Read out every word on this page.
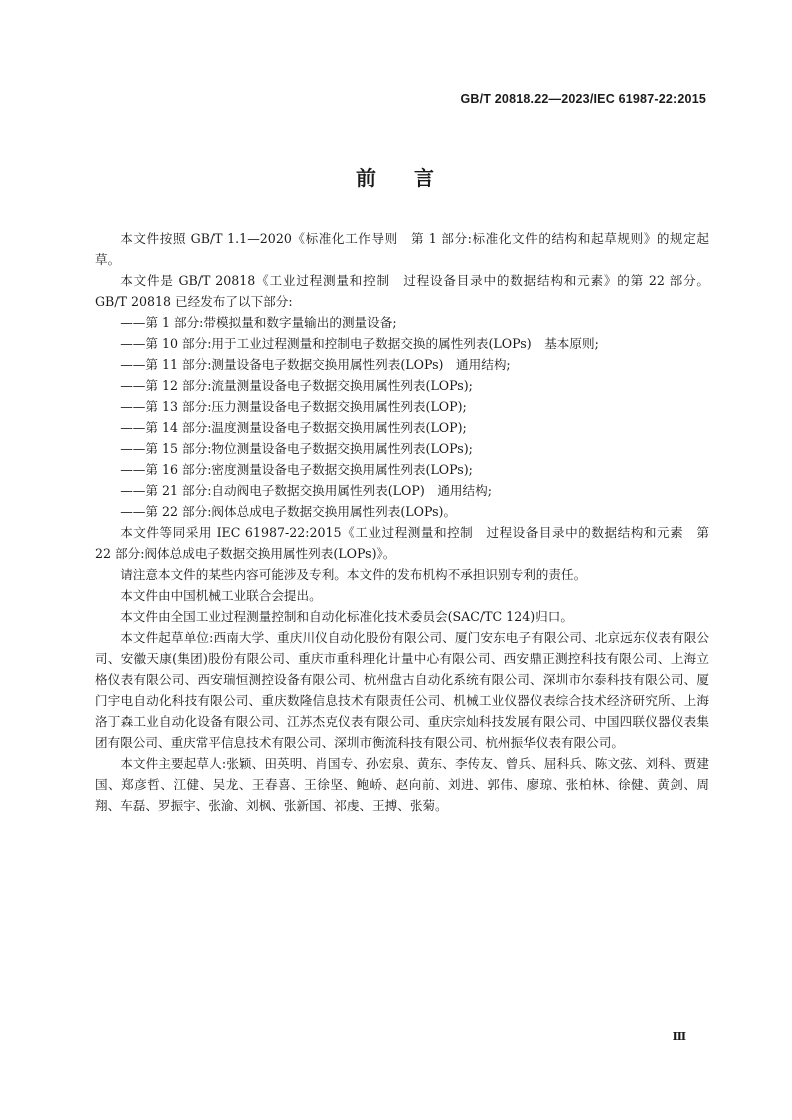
GB/T 20818.22—2023/IEC 61987-22:2015
前 言

本文件按照 GB/T 1.1—2020《标准化工作导则　第 1 部分:标准化文件的结构和起草规则》的规定起草。

本文件是 GB/T 20818《工业过程测量和控制　过程设备目录中的数据结构和元素》的第 22 部分。GB/T 20818 已经发布了以下部分:

——第 1 部分:带模拟量和数字量输出的测量设备;

——第 10 部分:用于工业过程测量和控制电子数据交换的属性列表(LOPs)　基本原则;

——第 11 部分:测量设备电子数据交换用属性列表(LOPs)　通用结构;

——第 12 部分:流量测量设备电子数据交换用属性列表(LOPs);

——第 13 部分:压力测量设备电子数据交换用属性列表(LOP);

——第 14 部分:温度测量设备电子数据交换用属性列表(LOP);

——第 15 部分:物位测量设备电子数据交换用属性列表(LOPs);

——第 16 部分:密度测量设备电子数据交换用属性列表(LOPs);

——第 21 部分:自动阀电子数据交换用属性列表(LOP)　通用结构;

——第 22 部分:阀体总成电子数据交换用属性列表(LOPs)。

本文件等同采用 IEC 61987-22:2015《工业过程测量和控制　过程设备目录中的数据结构和元素　第 22 部分:阀体总成电子数据交换用属性列表(LOPs)》。

请注意本文件的某些内容可能涉及专利。本文件的发布机构不承担识别专利的责任。

本文件由中国机械工业联合会提出。

本文件由全国工业过程测量控制和自动化标准化技术委员会(SAC/TC 124)归口。

本文件起草单位:西南大学、重庆川仪自动化股份有限公司、厦门安东电子有限公司、北京远东仪表有限公司、安徽天康(集团)股份有限公司、重庆市重科理化计量中心有限公司、西安鼎正测控科技有限公司、上海立格仪表有限公司、西安瑞恒测控设备有限公司、杭州盘古自动化系统有限公司、深圳市尔泰科技有限公司、厦门宇电自动化科技有限公司、重庆数隆信息技术有限责任公司、机械工业仪器仪表综合技术经济研究所、上海洛丁森工业自动化设备有限公司、江苏杰克仪表有限公司、重庆宗灿科技发展有限公司、中国四联仪器仪表集团有限公司、重庆常平信息技术有限公司、深圳市衡流科技有限公司、杭州振华仪表有限公司。

本文件主要起草人:张颖、田英明、肖国专、孙宏泉、黄东、李传友、曾兵、屈科兵、陈文弦、刘科、贾建国、郑彦哲、江健、吴龙、王春喜、王徐坚、鲍峤、赵向前、刘进、郭伟、廖琼、张柏林、徐健、黄剑、周翔、车磊、罗振宇、张渝、刘枫、张新国、祁虔、王搏、张菊。

Ⅲ
